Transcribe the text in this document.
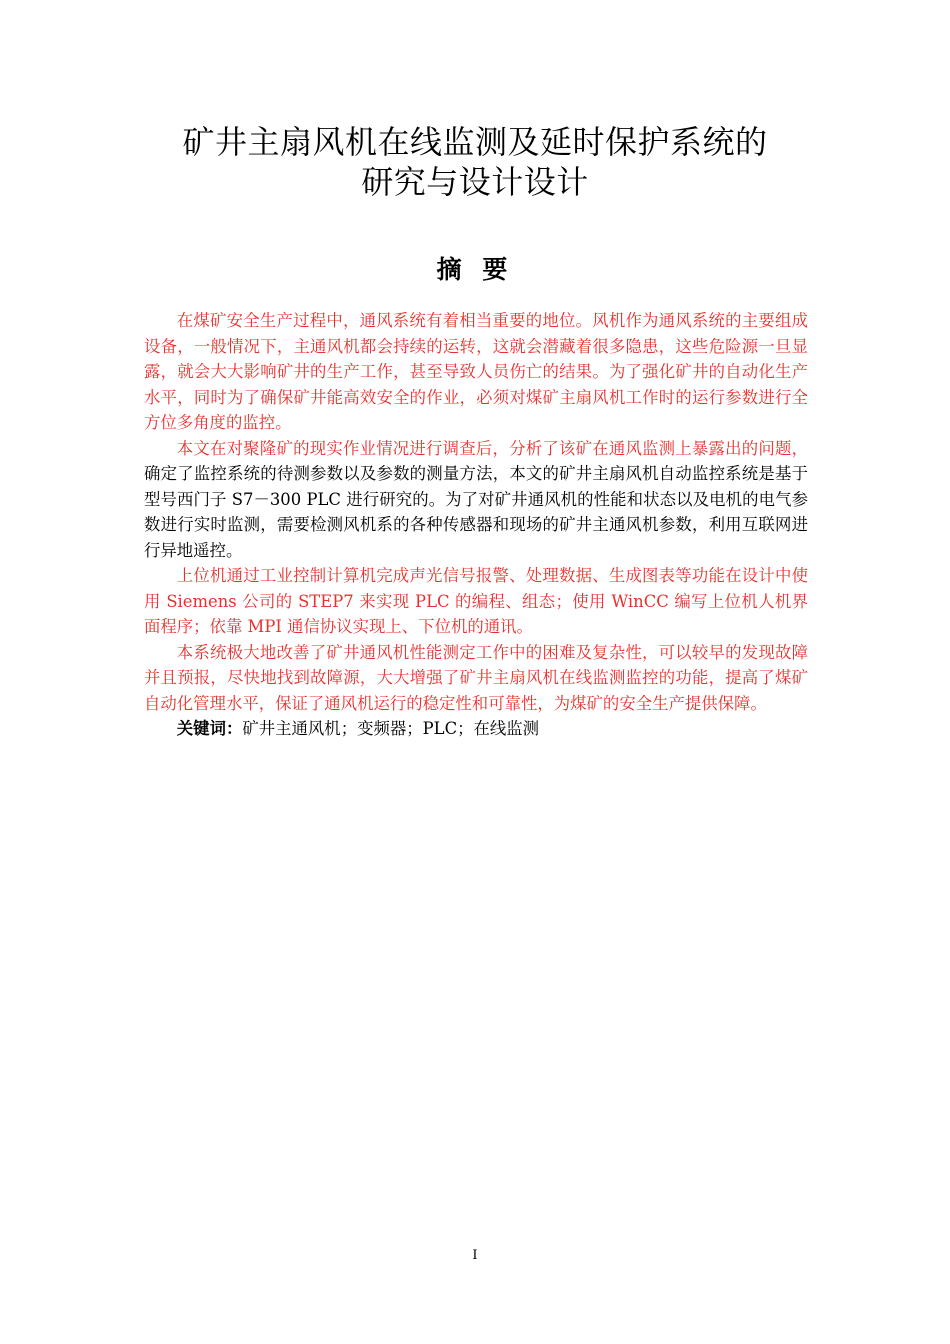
矿井主扇风机在线监测及延时保护系统的
研究与设计设计
摘 要

在煤矿安全生产过程中，通风系统有着相当重要的地位。风机作为通风系统的主要组成设备，一般情况下，主通风机都会持续的运转，这就会潜藏着很多隐患，这些危险源一旦显露，就会大大影响矿井的生产工作，甚至导致人员伤亡的结果。为了强化矿井的自动化生产水平，同时为了确保矿井能高效安全的作业，必须对煤矿主扇风机工作时的运行参数进行全方位多角度的监控。

本文在对聚隆矿的现实作业情况进行调查后，分析了该矿在通风监测上暴露出的问题，确定了监控系统的待测参数以及参数的测量方法，本文的矿井主扇风机自动监控系统是基于型号西门子 S7－300 PLC 进行研究的。为了对矿井通风机的性能和状态以及电机的电气参数进行实时监测，需要检测风机系的各种传感器和现场的矿井主通风机参数，利用互联网进行异地遥控。

上位机通过工业控制计算机完成声光信号报警、处理数据、生成图表等功能在设计中使用 Siemens 公司的 STEP7 来实现 PLC 的编程、组态；使用 WinCC 编写上位机人机界面程序；依靠 MPI 通信协议实现上、下位机的通讯。

本系统极大地改善了矿井通风机性能测定工作中的困难及复杂性，可以较早的发现故障并且预报，尽快地找到故障源，大大增强了矿井主扇风机在线监测监控的功能，提高了煤矿自动化管理水平，保证了通风机运行的稳定性和可靠性，为煤矿的安全生产提供保障。

关键词：矿井主通风机；变频器；PLC；在线监测

I
